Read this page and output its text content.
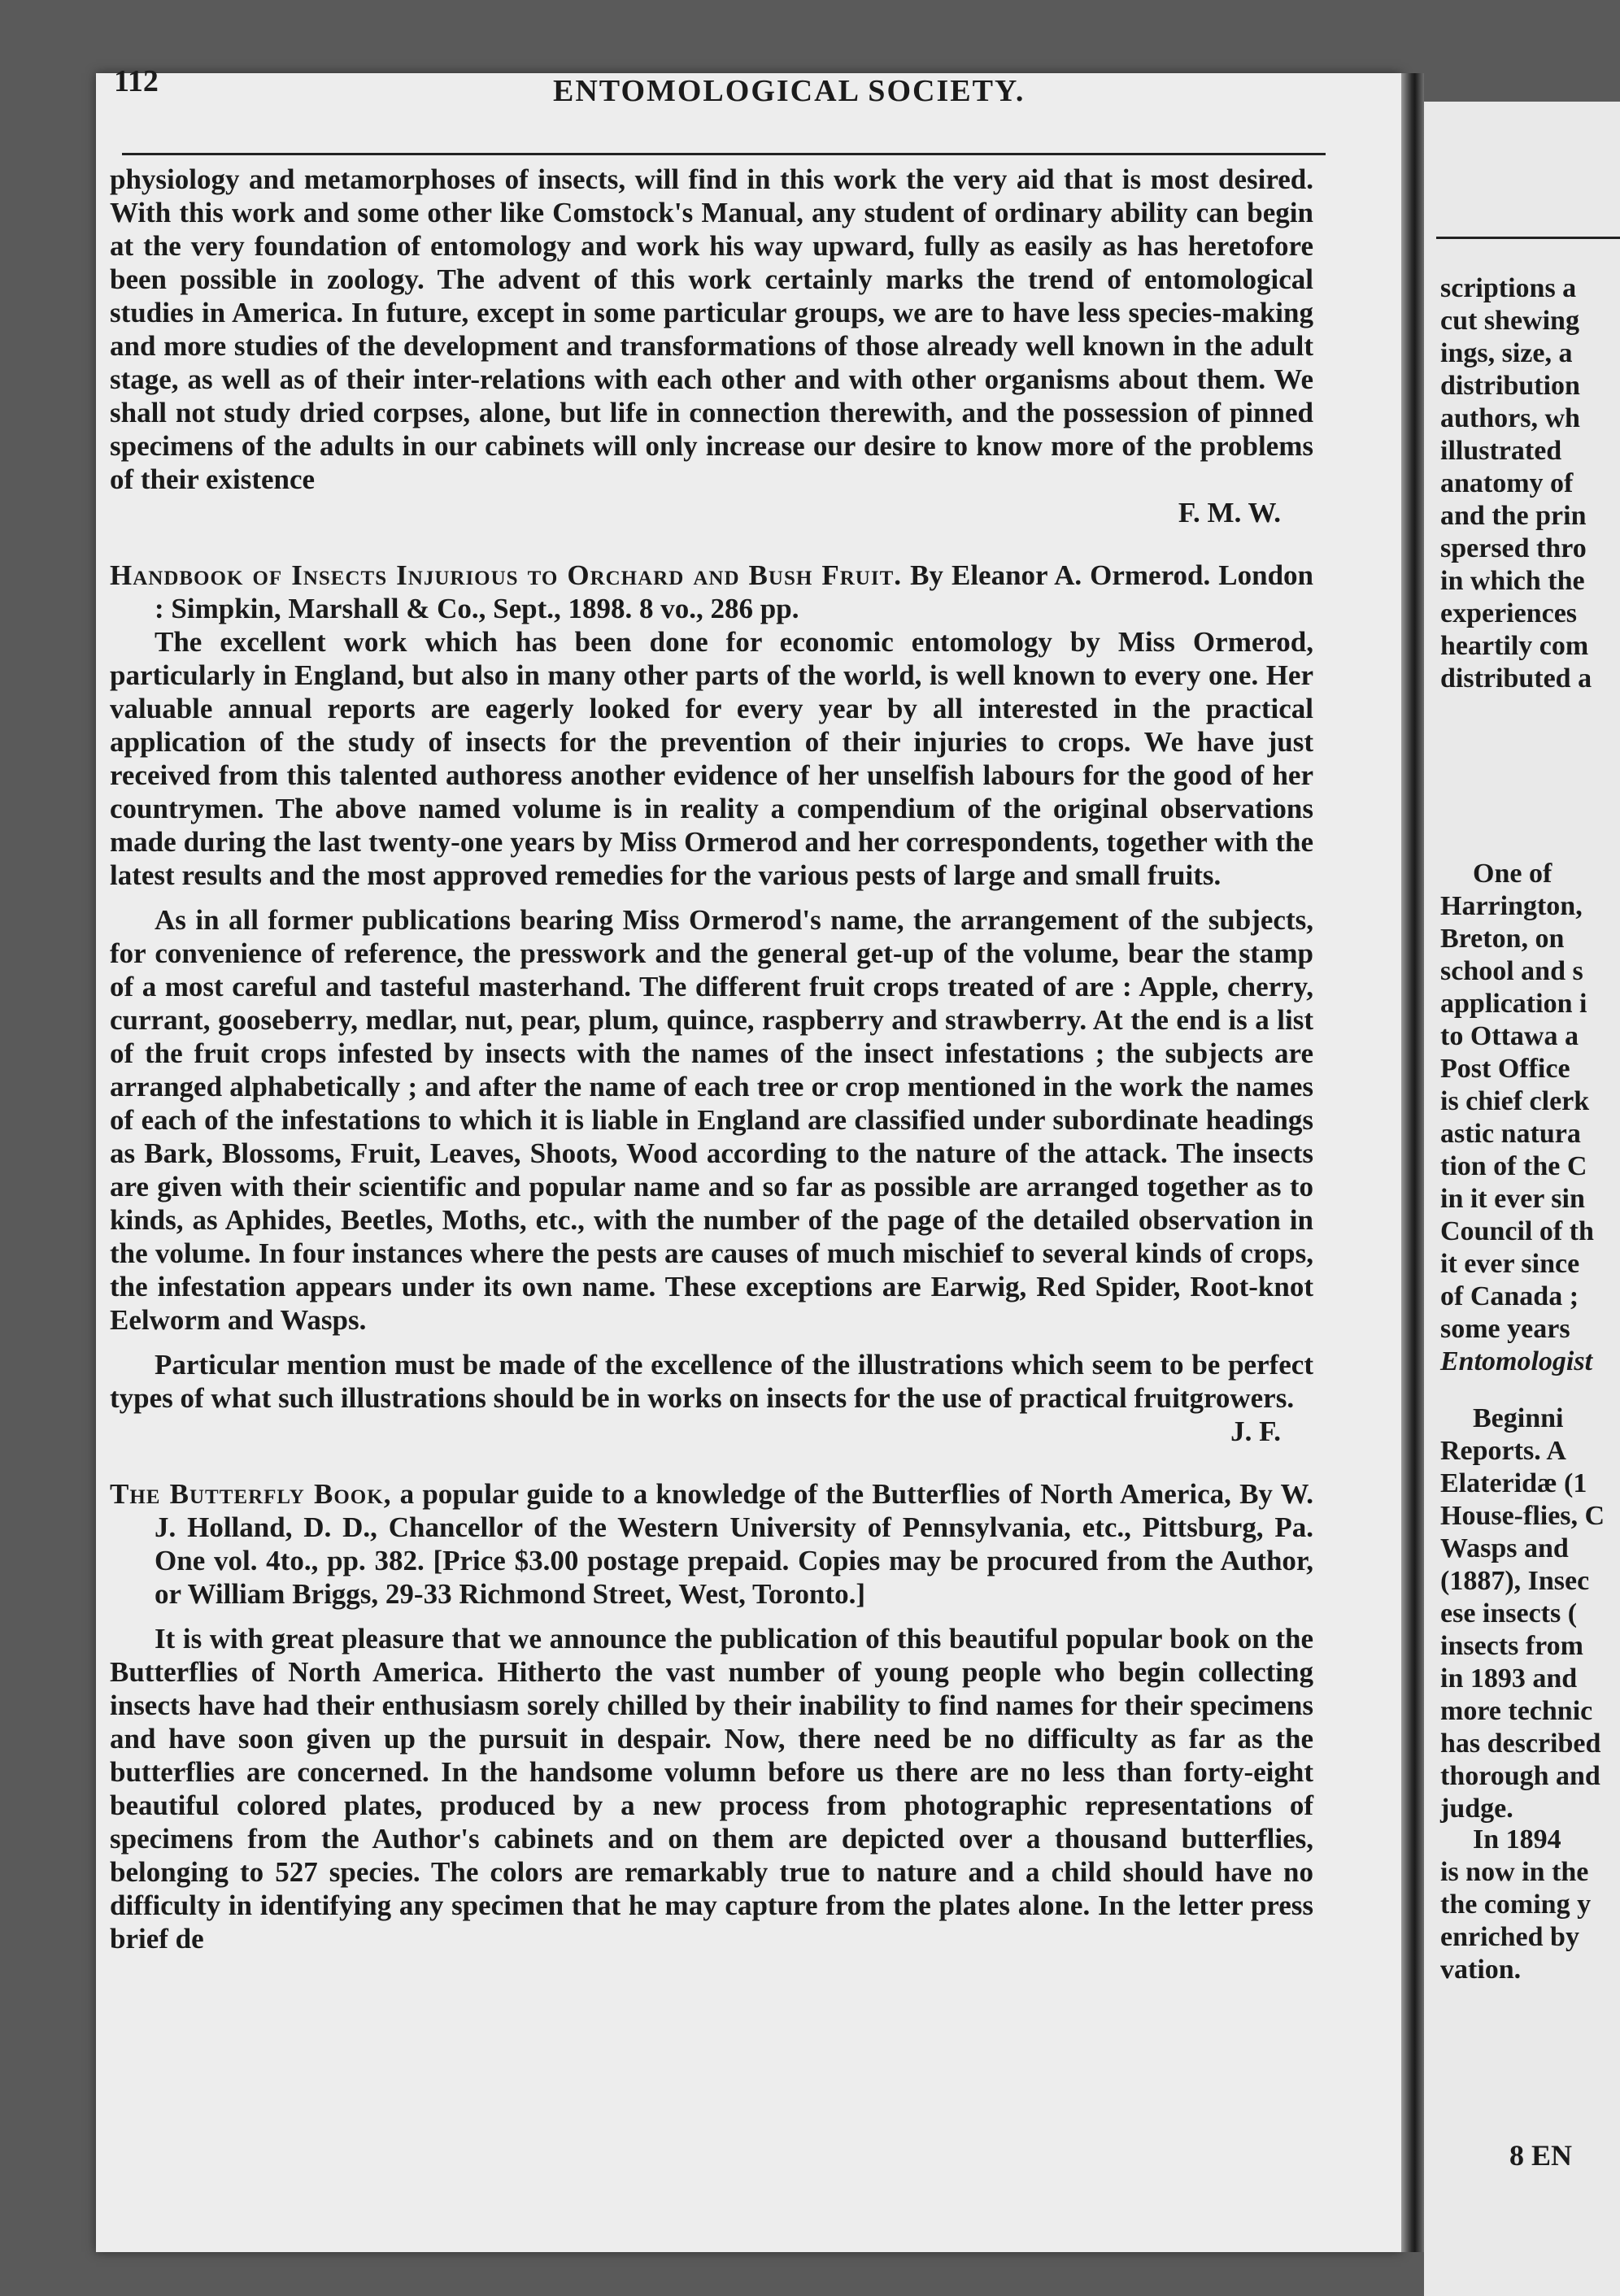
112	ENTOMOLOGICAL SOCIETY.

physiology and metamorphoses of insects, will find in this work the very aid that is most desired. With this work and some other like Comstock's Manual, any student of ordinary ability can begin at the very foundation of entomology and work his way upward, fully as easily as has heretofore been possible in zoology. The advent of this work certainly marks the trend of entomological studies in America. In future, except in some particular groups, we are to have less species-making and more studies of the development and transformations of those already well known in the adult stage, as well as of their inter-relations with each other and with other organisms about them. We shall not study dried corpses, alone, but life in connection therewith, and the possession of pinned specimens of the adults in our cabinets will only increase our desire to know more of the problems of their existence

F. M. W.

Handbook of Insects Injurious to Orchard and Bush Fruit. By Eleanor A. Ormerod. London : Simpkin, Marshall & Co., Sept., 1898. 8 vo., 286 pp.

The excellent work which has been done for economic entomology by Miss Ormerod, particularly in England, but also in many other parts of the world, is well known to every one. Her valuable annual reports are eagerly looked for every year by all interested in the practical application of the study of insects for the prevention of their injuries to crops. We have just received from this talented authoress another evidence of her unselfish labours for the good of her countrymen. The above named volume is in reality a compendium of the original observations made during the last twenty-one years by Miss Ormerod and her correspondents, together with the latest results and the most approved remedies for the various pests of large and small fruits.

As in all former publications bearing Miss Ormerod's name, the arrangement of the subjects, for convenience of reference, the presswork and the general get-up of the volume, bear the stamp of a most careful and tasteful masterhand. The different fruit crops treated of are : Apple, cherry, currant, gooseberry, medlar, nut, pear, plum, quince, raspberry and strawberry. At the end is a list of the fruit crops infested by insects with the names of the insect infestations ; the subjects are arranged alphabetically ; and after the name of each tree or crop mentioned in the work the names of each of the infestations to which it is liable in England are classified under subordinate headings as Bark, Blossoms, Fruit, Leaves, Shoots, Wood according to the nature of the attack. The insects are given with their scientific and popular name and so far as possible are arranged together as to kinds, as Aphides, Beetles, Moths, etc., with the number of the page of the detailed observation in the volume. In four instances where the pests are causes of much mischief to several kinds of crops, the infestation appears under its own name. These exceptions are Earwig, Red Spider, Root-knot Eelworm and Wasps.

Particular mention must be made of the excellence of the illustrations which seem to be perfect types of what such illustrations should be in works on insects for the use of practical fruitgrowers.

J. F.

The Butterfly Book, a popular guide to a knowledge of the Butterflies of North America, By W. J. Holland, D. D., Chancellor of the Western University of Pennsylvania, etc., Pittsburg, Pa. One vol. 4to., pp. 382. [Price $3.00 postage prepaid. Copies may be procured from the Author, or William Briggs, 29-33 Richmond Street, West, Toronto.]

It is with great pleasure that we announce the publication of this beautiful popular book on the Butterflies of North America. Hitherto the vast number of young people who begin collecting insects have had their enthusiasm sorely chilled by their inability to find names for their specimens and have soon given up the pursuit in despair. Now, there need be no difficulty as far as the butterflies are concerned. In the handsome volumn before us there are no less than forty-eight beautiful colored plates, produced by a new process from photographic representations of specimens from the Author's cabinets and on them are depicted over a thousand butterflies, belonging to 527 species. The colors are remarkably true to nature and a child should have no difficulty in identifying any specimen that he may capture from the plates alone. In the letter press brief de

scriptions a
cut shewing
ings, size, a
distribution
authors, wh
illustrated
anatomy of
and the prin
spersed thro
in which the
experiences
heartily com
distributed a
One of
Harrington,
Breton, on
school and s
application i
to Ottawa a
Post Office
is chief clerk
astic natura
tion of the C
in it ever sin
Council of th
it ever since
of Canada ;
some years
Entomologist
Beginni
Reports. A
Elateridæ (1
House-flies, C
Wasps and
(1887), Insec
ese insects (
insects from
in 1893 and
more technic
has described
thorough and
judge.
In 1894
is now in the
the coming y
enriched by
vation.
8 EN
